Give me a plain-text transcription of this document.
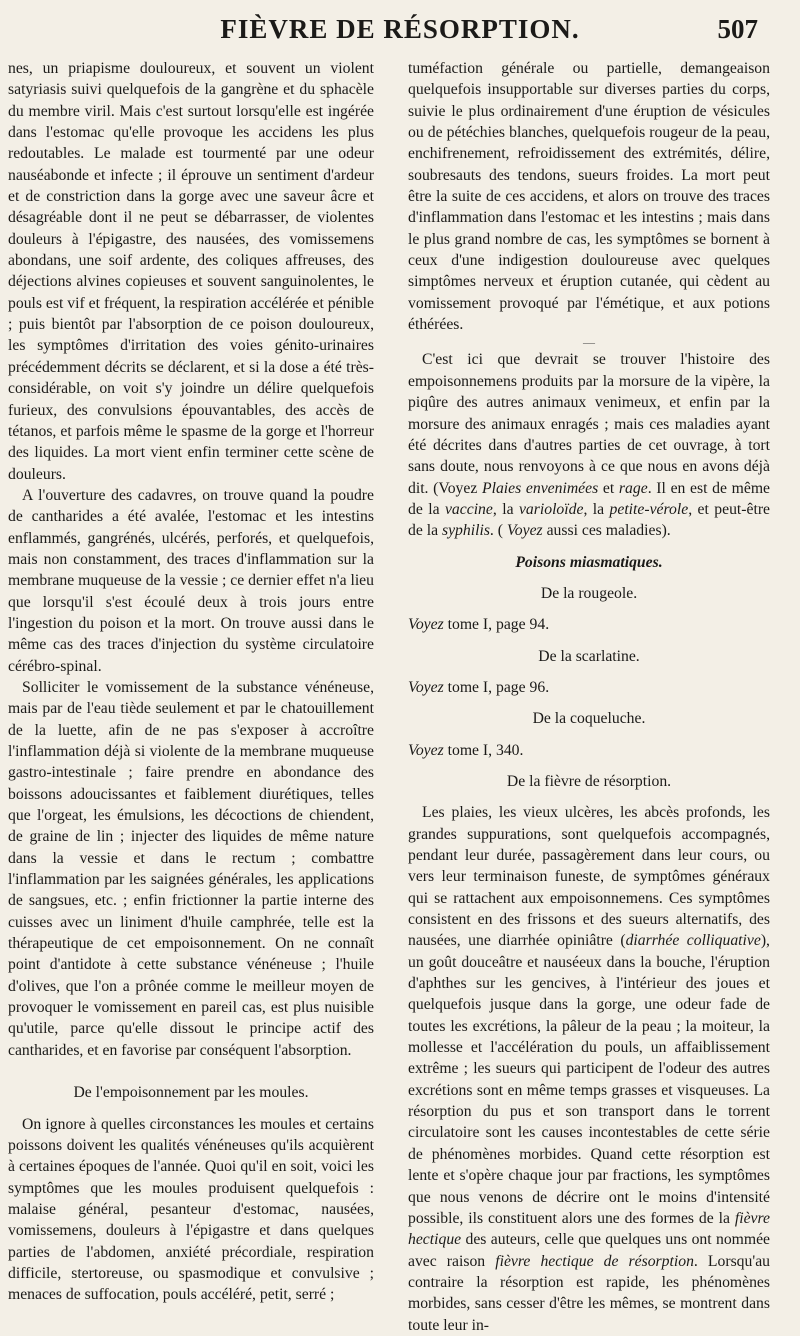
FIÈVRE DE RÉSORPTION.	507

nes, un priapisme douloureux, et souvent un violent satyriasis suivi quelquefois de la gangrène et du sphacèle du membre viril. Mais c'est surtout lorsqu'elle est ingérée dans l'estomac qu'elle provoque les accidens les plus redoutables. Le malade est tourmenté par une odeur nauséabonde et infecte ; il éprouve un sentiment d'ardeur et de constriction dans la gorge avec une saveur âcre et désagréable dont il ne peut se débarrasser, de violentes douleurs à l'épigastre, des nausées, des vomissemens abondans, une soif ardente, des coliques affreuses, des déjections alvines copieuses et souvent sanguinolentes, le pouls est vif et fréquent, la respiration accélérée et pénible ; puis bientôt par l'absorption de ce poison douloureux, les symptômes d'irritation des voies génito-urinaires précédemment décrits se déclarent, et si la dose a été très-considérable, on voit s'y joindre un délire quelquefois furieux, des convulsions épouvantables, des accès de tétanos, et parfois même le spasme de la gorge et l'horreur des liquides. La mort vient enfin terminer cette scène de douleurs.

A l'ouverture des cadavres, on trouve quand la poudre de cantharides a été avalée, l'estomac et les intestins enflammés, gangrénés, ulcérés, perforés, et quelquefois, mais non constamment, des traces d'inflammation sur la membrane muqueuse de la vessie ; ce dernier effet n'a lieu que lorsqu'il s'est écoulé deux à trois jours entre l'ingestion du poison et la mort. On trouve aussi dans le même cas des traces d'injection du système circulatoire cérébro-spinal.

Solliciter le vomissement de la substance vénéneuse, mais par de l'eau tiède seulement et par le chatouillement de la luette, afin de ne pas s'exposer à accroître l'inflammation déjà si violente de la membrane muqueuse gastro-intestinale ; faire prendre en abondance des boissons adoucissantes et faiblement diurétiques, telles que l'orgeat, les émulsions, les décoctions de chiendent, de graine de lin ; injecter des liquides de même nature dans la vessie et dans le rectum ; combattre l'inflammation par les saignées générales, les applications de sangsues, etc. ; enfin frictionner la partie interne des cuisses avec un liniment d'huile camphrée, telle est la thérapeutique de cet empoisonnement. On ne connaît point d'antidote à cette substance vénéneuse ; l'huile d'olives, que l'on a prônée comme le meilleur moyen de provoquer le vomissement en pareil cas, est plus nuisible qu'utile, parce qu'elle dissout le principe actif des cantharides, et en favorise par conséquent l'absorption.

De l'empoisonnement par les moules.

On ignore à quelles circonstances les moules et certains poissons doivent les qualités vénéneuses qu'ils acquièrent à certaines époques de l'année. Quoi qu'il en soit, voici les symptômes que les moules produisent quelquefois : malaise général, pesanteur d'estomac, nausées, vomissemens, douleurs à l'épigastre et dans quelques parties de l'abdomen, anxiété précordiale, respiration difficile, stertoreuse, ou spasmodique et convulsive ; menaces de suffocation, pouls accéléré, petit, serré ;

tuméfaction générale ou partielle, demangeaison quelquefois insupportable sur diverses parties du corps, suivie le plus ordinairement d'une éruption de vésicules ou de pétéchies blanches, quelquefois rougeur de la peau, enchifrenement, refroidissement des extrémités, délire, soubresauts des tendons, sueurs froides. La mort peut être la suite de ces accidens, et alors on trouve des traces d'inflammation dans l'estomac et les intestins ; mais dans le plus grand nombre de cas, les symptômes se bornent à ceux d'une indigestion douloureuse avec quelques simptômes nerveux et éruption cutanée, qui cèdent au vomissement provoqué par l'émétique, et aux potions éthérées.

—

C'est ici que devrait se trouver l'histoire des empoisonnemens produits par la morsure de la vipère, la piqûre des autres animaux venimeux, et enfin par la morsure des animaux enragés ; mais ces maladies ayant été décrites dans d'autres parties de cet ouvrage, à tort sans doute, nous renvoyons à ce que nous en avons déjà dit. (Voyez Plaies envenimées et rage. Il en est de même de la vaccine, la varioloïde, la petite-vérole, et peut-être de la syphilis. ( Voyez aussi ces maladies).

Poisons miasmatiques.

De la rougeole.

Voyez tome I, page 94.

De la scarlatine.

Voyez tome I, page 96.

De la coqueluche.

Voyez tome I, 340.

De la fièvre de résorption.

Les plaies, les vieux ulcères, les abcès profonds, les grandes suppurations, sont quelquefois accompagnés, pendant leur durée, passagèrement dans leur cours, ou vers leur terminaison funeste, de symptômes généraux qui se rattachent aux empoisonnemens. Ces symptômes consistent en des frissons et des sueurs alternatifs, des nausées, une diarrhée opiniâtre (diarrhée colliquative), un goût douceâtre et nauséeux dans la bouche, l'éruption d'aphthes sur les gencives, à l'intérieur des joues et quelquefois jusque dans la gorge, une odeur fade de toutes les excrétions, la pâleur de la peau ; la moiteur, la mollesse et l'accélération du pouls, un affaiblissement extrême ; les sueurs qui participent de l'odeur des autres excrétions sont en même temps grasses et visqueuses. La résorption du pus et son transport dans le torrent circulatoire sont les causes incontestables de cette série de phénomènes morbides. Quand cette résorption est lente et s'opère chaque jour par fractions, les symptômes que nous venons de décrire ont le moins d'intensité possible, ils constituent alors une des formes de la fièvre hectique des auteurs, celle que quelques uns ont nommée avec raison fièvre hectique de résorption. Lorsqu'au contraire la résorption est rapide, les phénomènes morbides, sans cesser d'être les mêmes, se montrent dans toute leur in-
